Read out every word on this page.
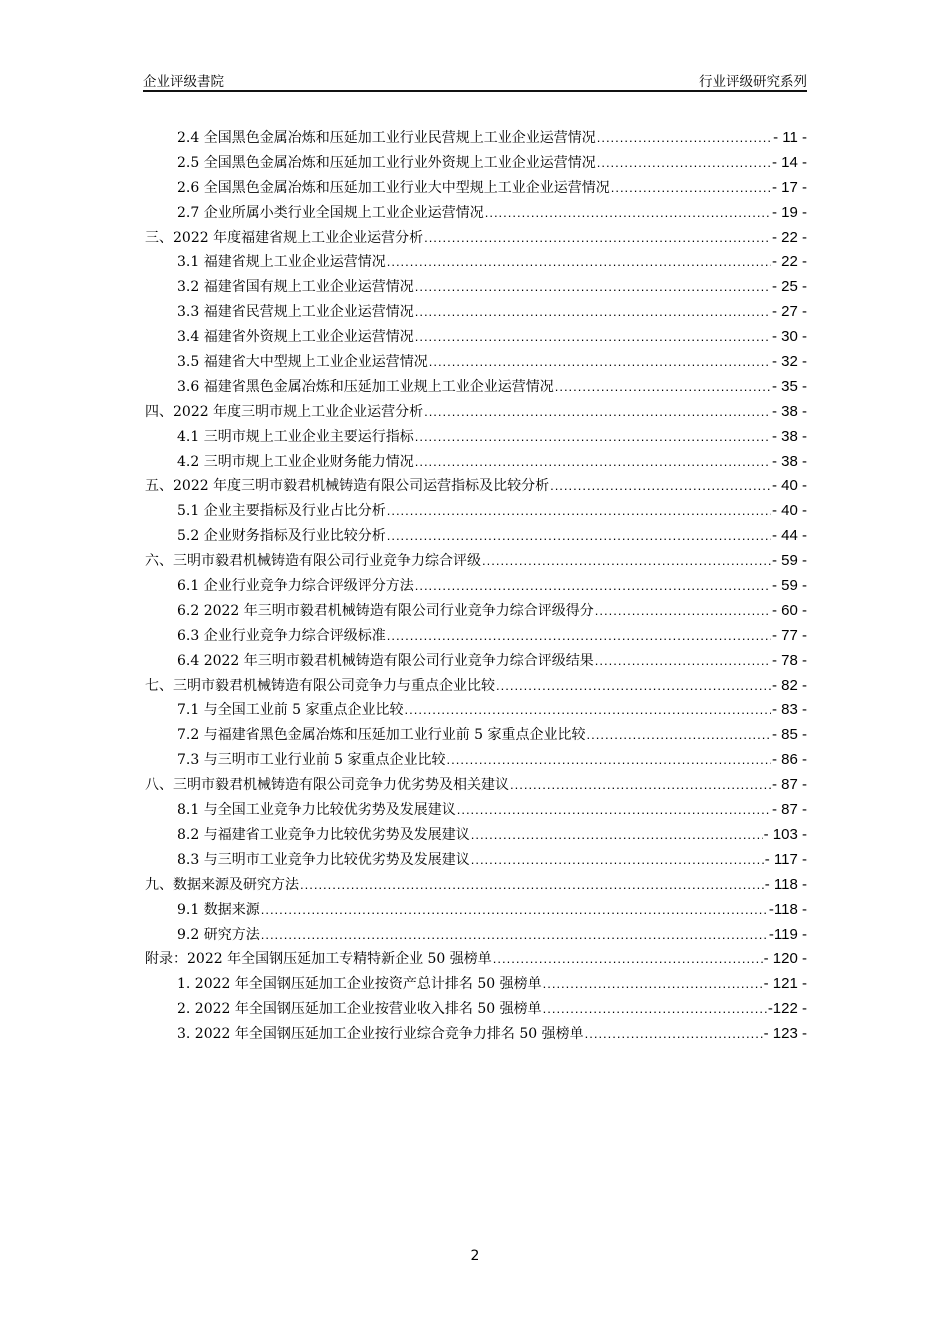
企业评级書院	行业评级研究系列
2.4 全国黑色金属冶炼和压延加工业行业民营规上工业企业运营情况 .....	- 11 -
2.5 全国黑色金属冶炼和压延加工业行业外资规上工业企业运营情况 .....	- 14 -
2.6 全国黑色金属冶炼和压延加工业行业大中型规上工业企业运营情况 .....	- 17 -
2.7 企业所属小类行业全国规上工业企业运营情况 .....	- 19 -
三、2022 年度福建省规上工业企业运营分析 .....	- 22 -
3.1 福建省规上工业企业运营情况 .....	- 22 -
3.2 福建省国有规上工业企业运营情况 .....	- 25 -
3.3 福建省民营规上工业企业运营情况 .....	- 27 -
3.4 福建省外资规上工业企业运营情况 .....	- 30 -
3.5 福建省大中型规上工业企业运营情况 .....	- 32 -
3.6 福建省黑色金属冶炼和压延加工业规上工业企业运营情况 .....	- 35 -
四、2022 年度三明市规上工业企业运营分析 .....	- 38 -
4.1 三明市规上工业企业主要运行指标 .....	- 38 -
4.2 三明市规上工业企业财务能力情况 .....	- 38 -
五、2022 年度三明市毅君机械铸造有限公司运营指标及比较分析 .....	- 40 -
5.1 企业主要指标及行业占比分析 .....	- 40 -
5.2 企业财务指标及行业比较分析 .....	- 44 -
六、三明市毅君机械铸造有限公司行业竞争力综合评级 .....	- 59 -
6.1 企业行业竞争力综合评级评分方法 .....	- 59 -
6.2 2022 年三明市毅君机械铸造有限公司行业竞争力综合评级得分 .....	- 60 -
6.3 企业行业竞争力综合评级标准 .....	- 77 -
6.4 2022 年三明市毅君机械铸造有限公司行业竞争力综合评级结果 .....	- 78 -
七、三明市毅君机械铸造有限公司竞争力与重点企业比较 .....	- 82 -
7.1 与全国工业前 5 家重点企业比较 .....	- 83 -
7.2 与福建省黑色金属冶炼和压延加工业行业前 5 家重点企业比较 .....	- 85 -
7.3 与三明市工业行业前 5 家重点企业比较 .....	- 86 -
八、三明市毅君机械铸造有限公司竞争力优劣势及相关建议 .....	- 87 -
8.1 与全国工业竞争力比较优劣势及发展建议 .....	- 87 -
8.2 与福建省工业竞争力比较优劣势及发展建议 .....	- 103 -
8.3 与三明市工业竞争力比较优劣势及发展建议 .....	- 117 -
九、数据来源及研究方法 .....	- 118 -
9.1 数据来源 .....	-118 -
9.2 研究方法 .....	-119 -
附录：2022 年全国钢压延加工专精特新企业 50 强榜单 .....	- 120 -
1. 2022 年全国钢压延加工企业按资产总计排名 50 强榜单 .....	- 121 -
2. 2022 年全国钢压延加工企业按营业收入排名 50 强榜单 .....	-122 -
3. 2022 年全国钢压延加工企业按行业综合竞争力排名 50 强榜单 .....	- 123 -
2
